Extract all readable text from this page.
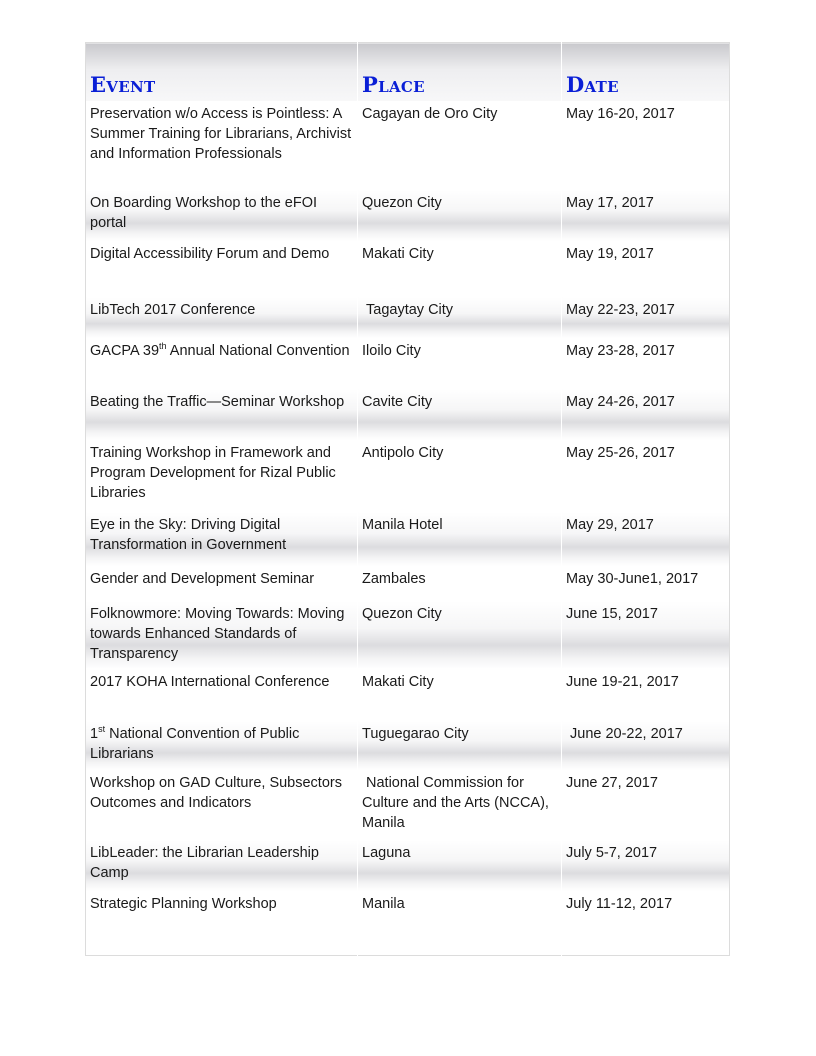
Event	Place	Date
Preservation w/o Access is Pointless: A Summer Training for Librarians, Archivist and Information Professionals	Cagayan de Oro City	May 16-20, 2017
On Boarding Workshop to the eFOI portal	Quezon City	May 17, 2017
Digital Accessibility Forum and Demo	Makati City	May 19, 2017
LibTech 2017 Conference	Tagaytay City	May 22-23, 2017
GACPA 39th Annual National Convention	Iloilo City	May 23-28, 2017
Beating the Traffic—Seminar Workshop	Cavite City	May 24-26, 2017
Training Workshop in Framework and Program Development for Rizal Public Libraries	Antipolo City	May 25-26, 2017
Eye in the Sky: Driving Digital Transformation in Government	Manila Hotel	May 29, 2017
Gender and Development Seminar	Zambales	May 30-June1, 2017
Folknowmore: Moving Towards: Moving towards Enhanced Standards of Transparency	Quezon City	June 15, 2017
2017 KOHA International Conference	Makati City	June 19-21, 2017
1st National Convention of Public Librarians	Tuguegarao City	June 20-22, 2017
Workshop on GAD Culture, Subsectors Outcomes and Indicators	National Commission for Culture and the Arts (NCCA), Manila	June 27, 2017
LibLeader: the Librarian Leadership Camp	Laguna	July 5-7, 2017
Strategic Planning Workshop	Manila	July 11-12, 2017
